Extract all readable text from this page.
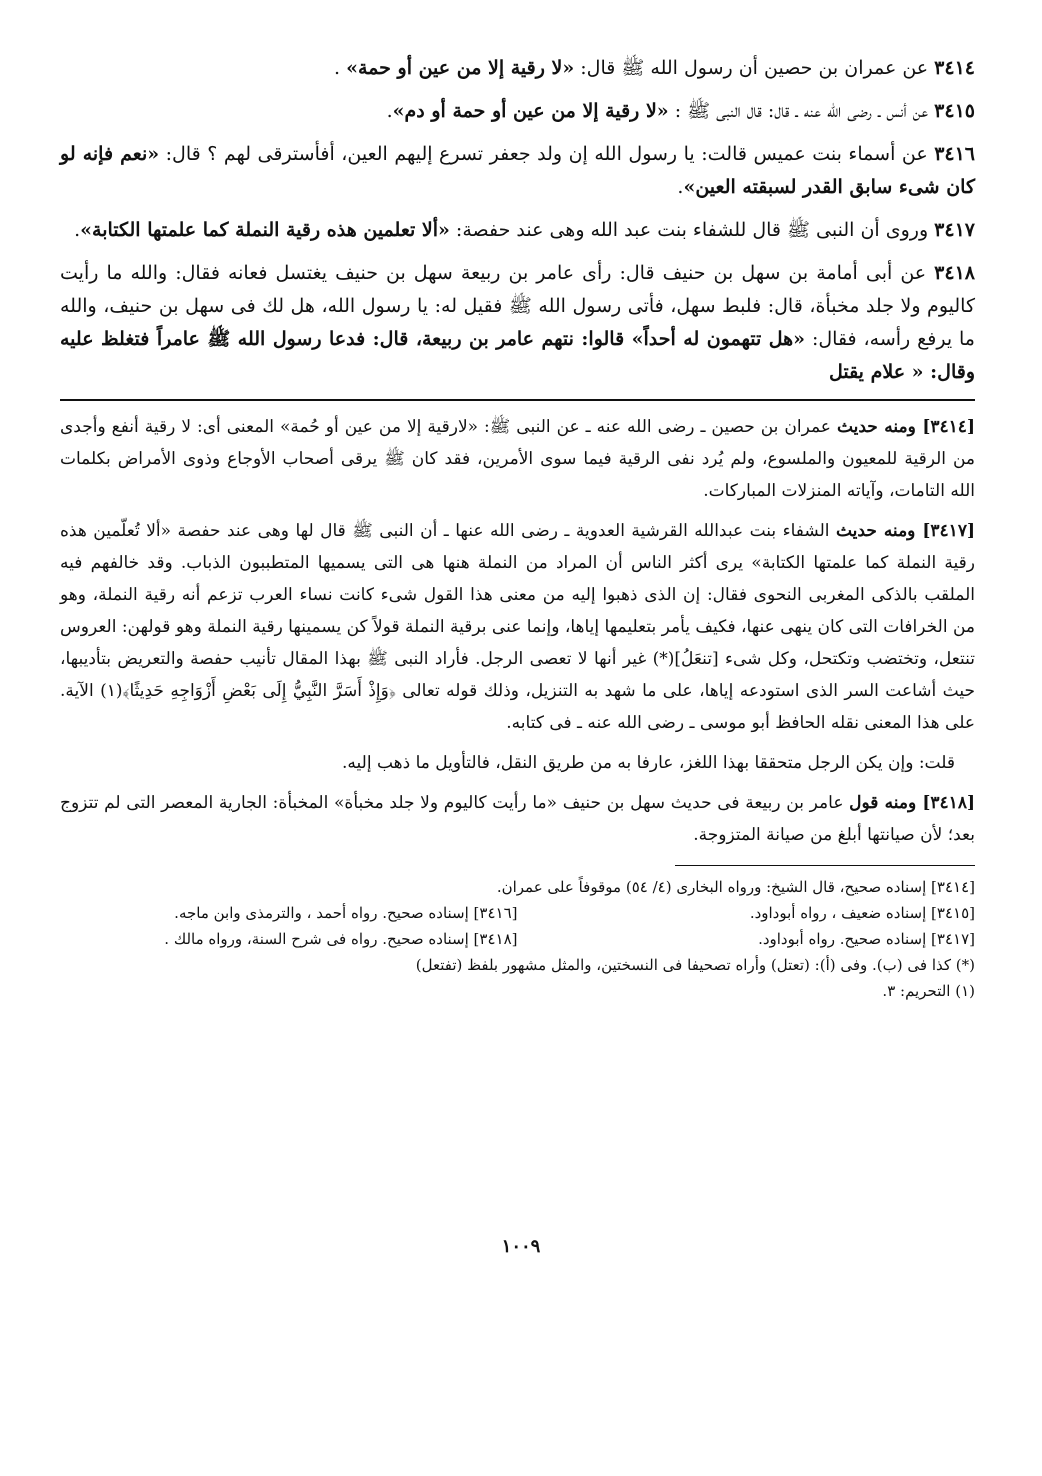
٣٤١٤ عن عمران بن حصين أن رسول الله ﷺ قال: «لا رقية إلا من عين أو حمة» .

٣٤١٥ عن أنس ـ رضى الله عنه ـ قال: قال النبى ﷺ : «لا رقية إلا من عين أو حمة أو دم».

٣٤١٦ عن أسماء بنت عميس قالت: يا رسول الله إن ولد جعفر تسرع إليهم العين، أفأسترقى لهم ؟ قال: «نعم فإنه لو كان شىء سابق القدر لسبقته العين».

٣٤١٧ وروى أن النبى ﷺ قال للشفاء بنت عبد الله وهى عند حفصة: «ألا تعلمين هذه رقية النملة كما علمتها الكتابة».

٣٤١٨ عن أبى أمامة بن سهل بن حنيف قال: رأى عامر بن ربيعة سهل بن حنيف يغتسل فعانه فقال: والله ما رأيت كاليوم ولا جلد مخبأة، قال: فلبط سهل، فأتى رسول الله ﷺ فقيل له: يا رسول الله، هل لك فى سهل بن حنيف، والله ما يرفع رأسه، فقال: «هل تتهمون له أحداً» قالوا: نتهم عامر بن ربيعة، قال: فدعا رسول الله ﷺ عامراً فتغلظ عليه وقال: « علام يقتل

[٣٤١٤] ومنه حديث عمران بن حصين ـ رضى الله عنه ـ عن النبى ﷺ: «لارقية إلا من عين أو حُمة» المعنى أى: لا رقية أنفع وأجدى من الرقية للمعيون والملسوع، ولم يُرد نفى الرقية فيما سوى الأمرين، فقد كان ﷺ يرقى أصحاب الأوجاع وذوى الأمراض بكلمات الله التامات، وآياته المنزلات المباركات.

[٣٤١٧] ومنه حديث الشفاء بنت عبدالله القرشية العدوية ـ رضى الله عنها ـ أن النبى ﷺ قال لها وهى عند حفصة «ألا تُعلّمين هذه رقية النملة كما علمتها الكتابة» يرى أكثر الناس أن المراد من النملة هنها هى التى يسميها المتطببون الذباب. وقد خالفهم فيه الملقب بالذكى المغربى النحوى فقال: إن الذى ذهبوا إليه من معنى هذا القول شىء كانت نساء العرب تزعم أنه رقية النملة، وهو من الخرافات التى كان ينهى عنها، فكيف يأمر بتعليمها إياها، وإنما عنى برقية النملة قولاً كن يسمينها رقية النملة وهو قولهن: العروس تنتعل، وتختضب وتكتحل، وكل شىء [تنعَلُ](*) غير أنها لا تعصى الرجل. فأراد النبى ﷺ بهذا المقال تأنيب حفصة والتعريض بتأديبها، حيث أشاعت السر الذى استودعه إياها، على ما شهد به التنزيل، وذلك قوله تعالى ﴿وَإِذْ أَسَرَّ النَّبِيُّ إِلَى بَعْضِ أَزْوَاجِهِ حَدِيثًا﴾(١) الآية. على هذا المعنى نقله الحافظ أبو موسى ـ رضى الله عنه ـ فى كتابه.

قلت: وإن يكن الرجل متحققا بهذا اللغز، عارفا به من طريق النقل، فالتأويل ما ذهب إليه.

[٣٤١٨] ومنه قول عامر بن ربيعة فى حديث سهل بن حنيف «ما رأيت كاليوم ولا جلد مخبأة» المخبأة: الجارية المعصر التى لم تتزوج بعد؛ لأن صيانتها أبلغ من صيانة المتزوجة.

[٣٤١٤] إسناده صحيح، قال الشيخ: ورواه البخارى (٤/ ٥٤) موقوفاً على عمران.

[٣٤١٥] إسناده ضعيف ، رواه أبوداود.

[٣٤١٦] إسناده صحيح. رواه أحمد ، والترمذى وابن ماجه.

[٣٤١٧] إسناده صحيح. رواه أبوداود.

[٣٤١٨] إسناده صحيح. رواه فى شرح السنة، ورواه مالك .

(*) كذا فى (ب). وفى (أ): (تعتل) وأراه تصحيفا فى النسختين، والمثل مشهور بلفظ (تفتعل)

(١) التحريم: ٣.

١٠٠٩
